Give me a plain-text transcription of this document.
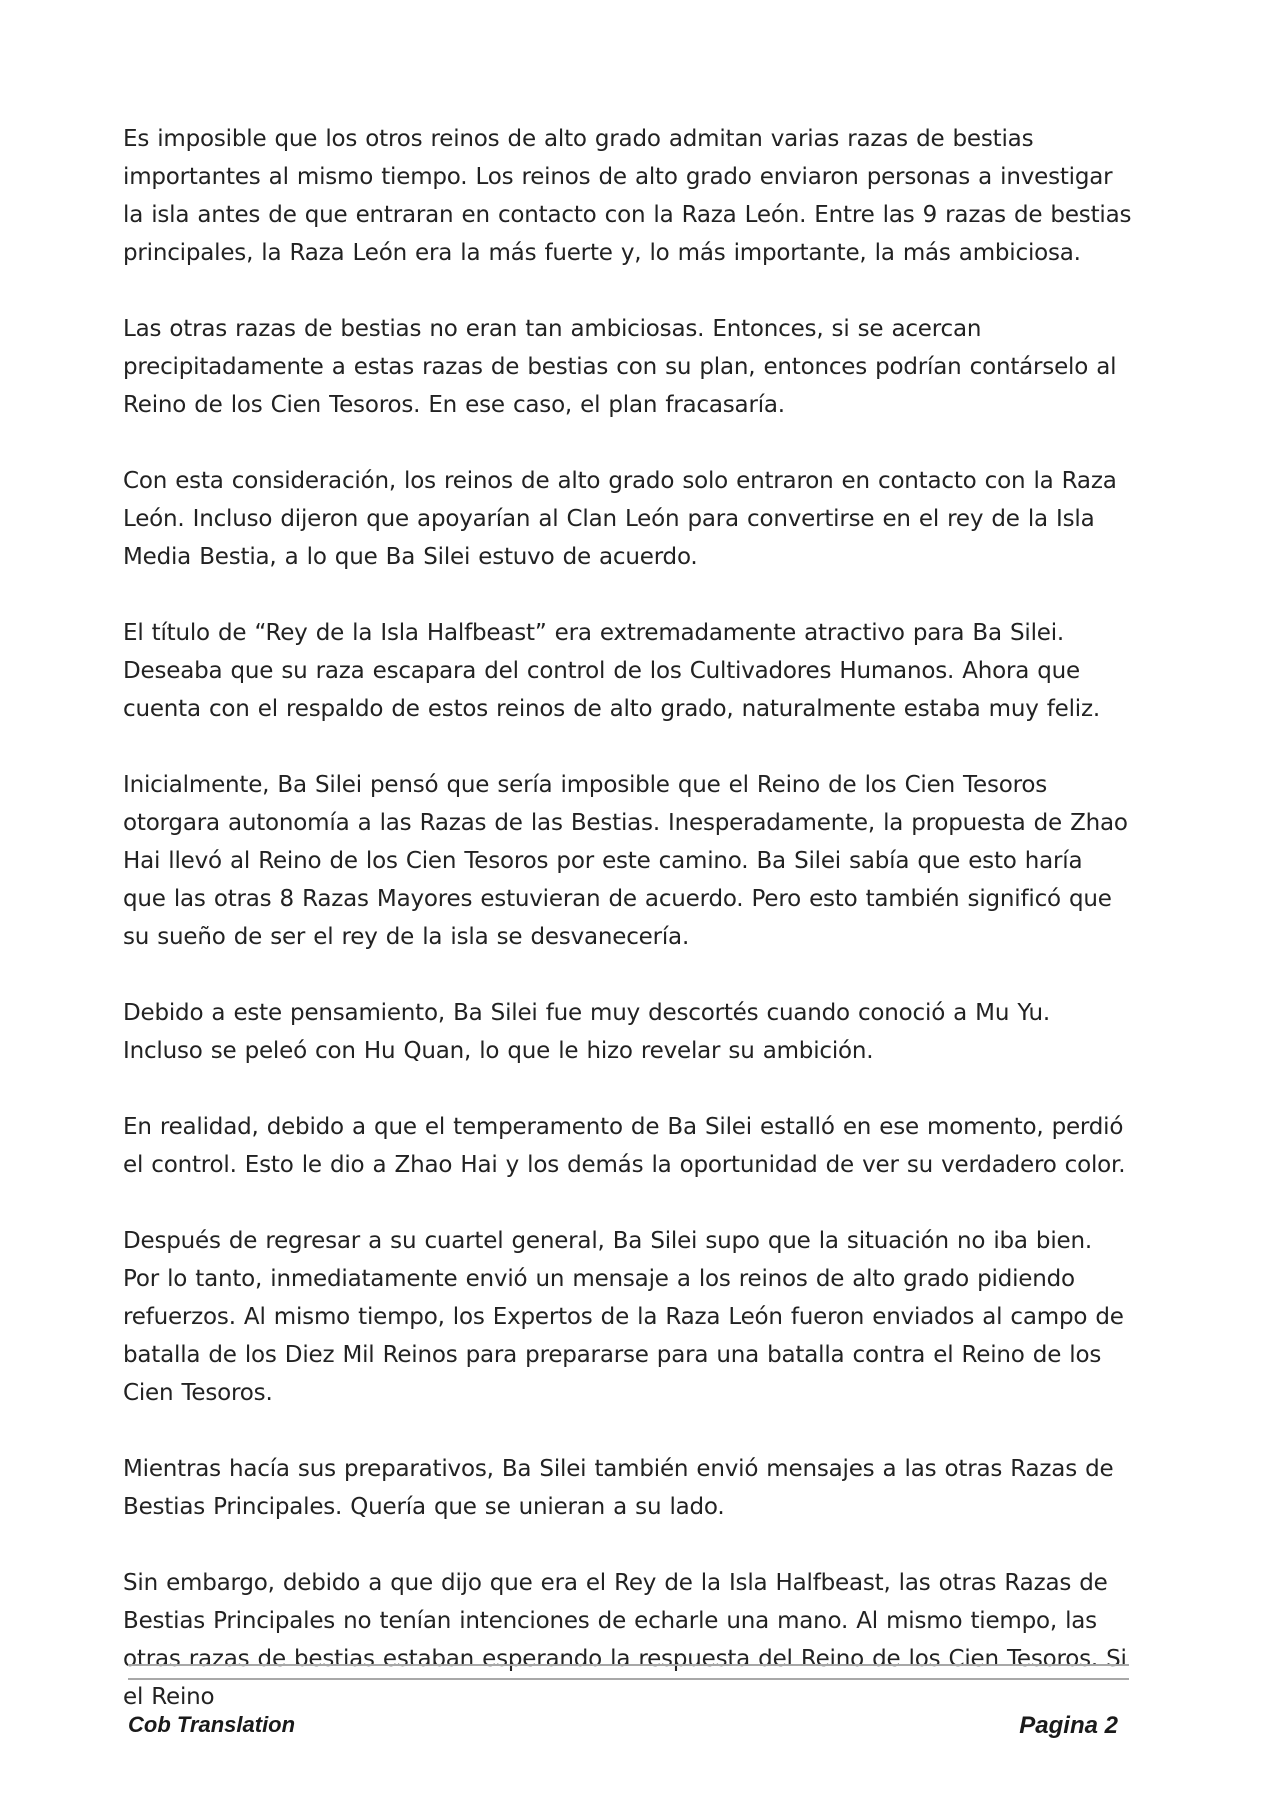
Es imposible que los otros reinos de alto grado admitan varias razas de bestias importantes al mismo tiempo. Los reinos de alto grado enviaron personas a investigar la isla antes de que entraran en contacto con la Raza León. Entre las 9 razas de bestias principales, la Raza León era la más fuerte y, lo más importante, la más ambiciosa.

Las otras razas de bestias no eran tan ambiciosas. Entonces, si se acercan precipitadamente a estas razas de bestias con su plan, entonces podrían contárselo al Reino de los Cien Tesoros. En ese caso, el plan fracasaría.

Con esta consideración, los reinos de alto grado solo entraron en contacto con la Raza León. Incluso dijeron que apoyarían al Clan León para convertirse en el rey de la Isla Media Bestia, a lo que Ba Silei estuvo de acuerdo.

El título de “Rey de la Isla Halfbeast” era extremadamente atractivo para Ba Silei. Deseaba que su raza escapara del control de los Cultivadores Humanos. Ahora que cuenta con el respaldo de estos reinos de alto grado, naturalmente estaba muy feliz.

Inicialmente, Ba Silei pensó que sería imposible que el Reino de los Cien Tesoros otorgara autonomía a las Razas de las Bestias. Inesperadamente, la propuesta de Zhao Hai llevó al Reino de los Cien Tesoros por este camino. Ba Silei sabía que esto haría que las otras 8 Razas Mayores estuvieran de acuerdo. Pero esto también significó que su sueño de ser el rey de la isla se desvanecería.

Debido a este pensamiento, Ba Silei fue muy descortés cuando conoció a Mu Yu. Incluso se peleó con Hu Quan, lo que le hizo revelar su ambición.

En realidad, debido a que el temperamento de Ba Silei estalló en ese momento, perdió el control. Esto le dio a Zhao Hai y los demás la oportunidad de ver su verdadero color.

Después de regresar a su cuartel general, Ba Silei supo que la situación no iba bien. Por lo tanto, inmediatamente envió un mensaje a los reinos de alto grado pidiendo refuerzos. Al mismo tiempo, los Expertos de la Raza León fueron enviados al campo de batalla de los Diez Mil Reinos para prepararse para una batalla contra el Reino de los Cien Tesoros.

Mientras hacía sus preparativos, Ba Silei también envió mensajes a las otras Razas de Bestias Principales. Quería que se unieran a su lado.

Sin embargo, debido a que dijo que era el Rey de la Isla Halfbeast, las otras Razas de Bestias Principales no tenían intenciones de echarle una mano. Al mismo tiempo, las otras razas de bestias estaban esperando la respuesta del Reino de los Cien Tesoros. Si el Reino

Cob Translation	Pagina 2
